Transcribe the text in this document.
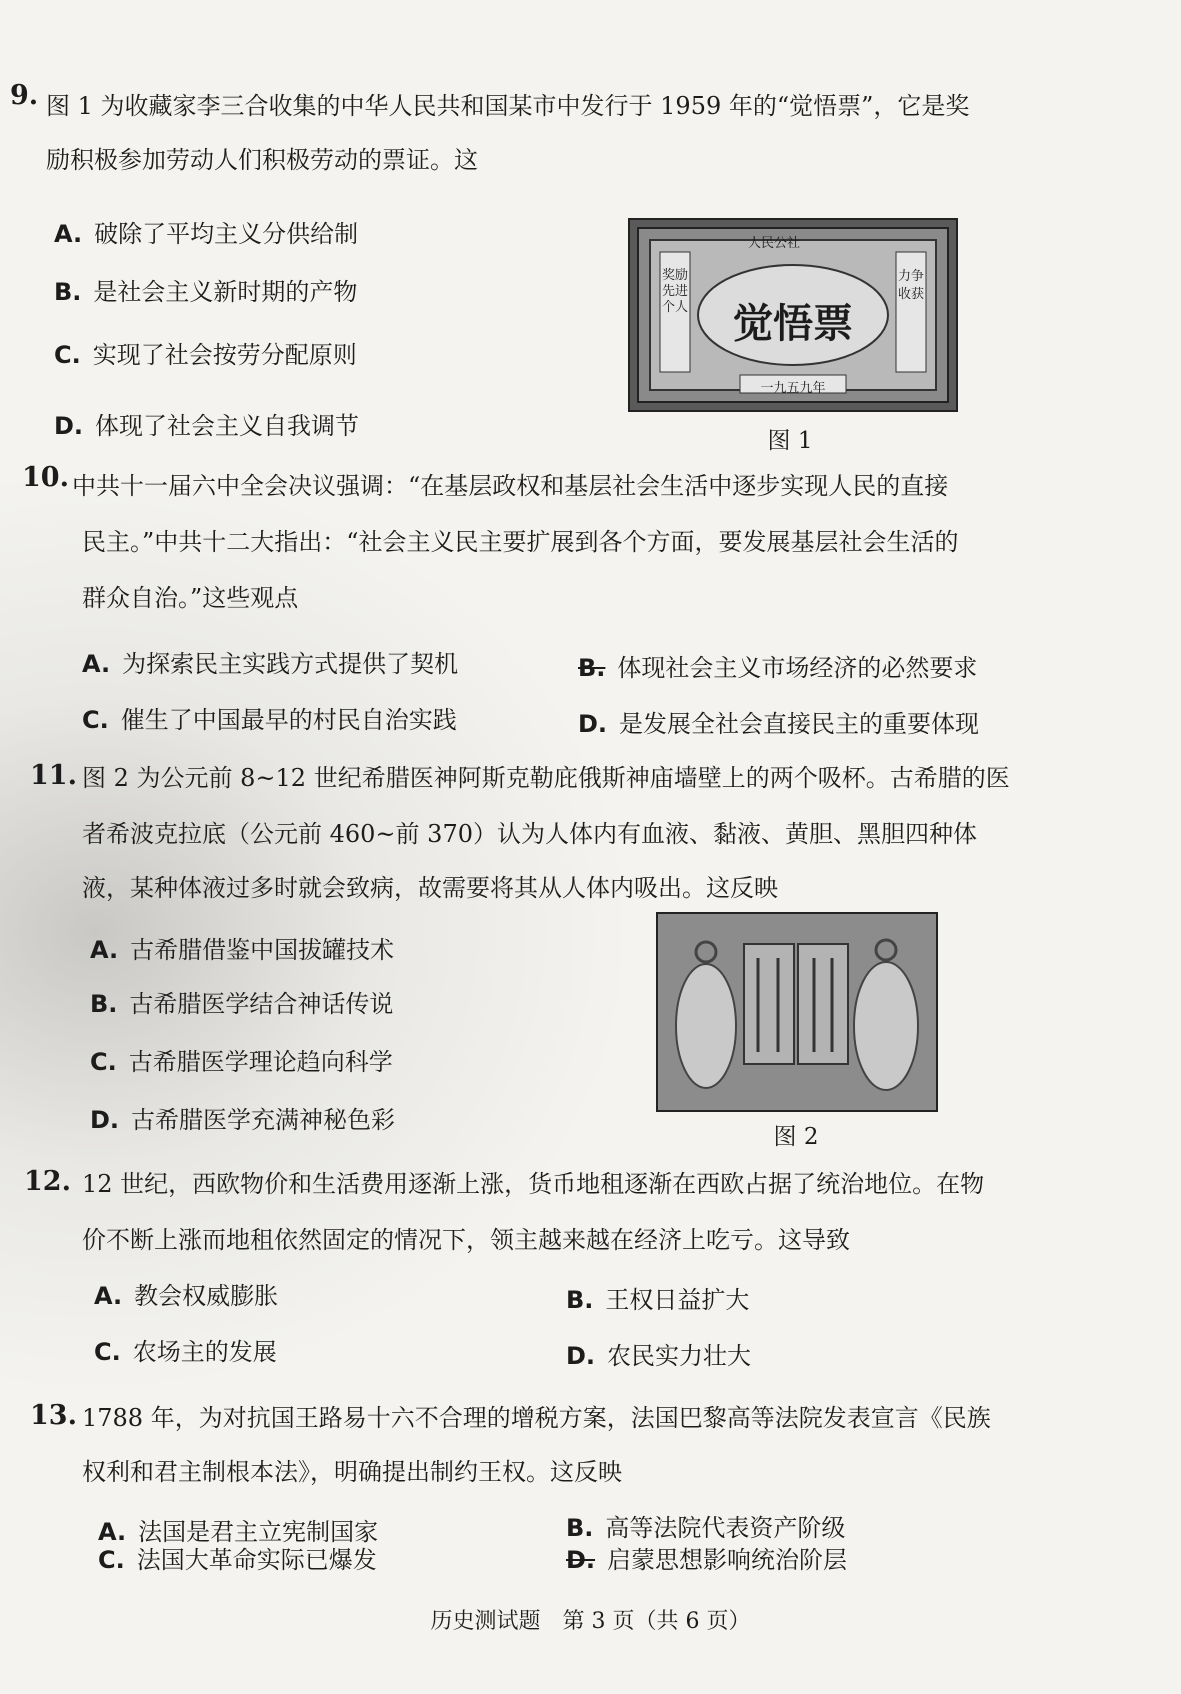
9. 图 1 为收藏家李三合收集的中华人民共和国某市中发行于 1959 年的“觉悟票”，它是奖
励积极参加劳动人们积极劳动的票证。这
A. 破除了平均主义分供给制
B. 是社会主义新时期的产物
C. 实现了社会按劳分配原则
D. 体现了社会主义自我调节
人民公社
奖励先进个人
力争收获
觉悟票
一九五九年
图 1
10. 中共十一届六中全会决议强调：“在基层政权和基层社会生活中逐步实现人民的直接
民主。”中共十二大指出：“社会主义民主要扩展到各个方面，要发展基层社会生活的
群众自治。”这些观点
A. 为探索民主实践方式提供了契机	B. 体现社会主义市场经济的必然要求
C. 催生了中国最早的村民自治实践	D. 是发展全社会直接民主的重要体现
11. 图 2 为公元前 8~12 世纪希腊医神阿斯克勒庇俄斯神庙墙壁上的两个吸杯。古希腊的医
者希波克拉底（公元前 460~前 370）认为人体内有血液、黏液、黄胆、黑胆四种体
液，某种体液过多时就会致病，故需要将其从人体内吸出。这反映
A. 古希腊借鉴中国拔罐技术
B. 古希腊医学结合神话传说
C. 古希腊医学理论趋向科学
D. 古希腊医学充满神秘色彩
图 2
12. 12 世纪，西欧物价和生活费用逐渐上涨，货币地租逐渐在西欧占据了统治地位。在物
价不断上涨而地租依然固定的情况下，领主越来越在经济上吃亏。这导致
A. 教会权威膨胀	B. 王权日益扩大
C. 农场主的发展	D. 农民实力壮大
13. 1788 年，为对抗国王路易十六不合理的增税方案，法国巴黎高等法院发表宣言《民族
权利和君主制根本法》，明确提出制约王权。这反映
A. 法国是君主立宪制国家	B. 高等法院代表资产阶级
C. 法国大革命实际已爆发	D. 启蒙思想影响统治阶层
历史测试题　第 3 页（共 6 页）
